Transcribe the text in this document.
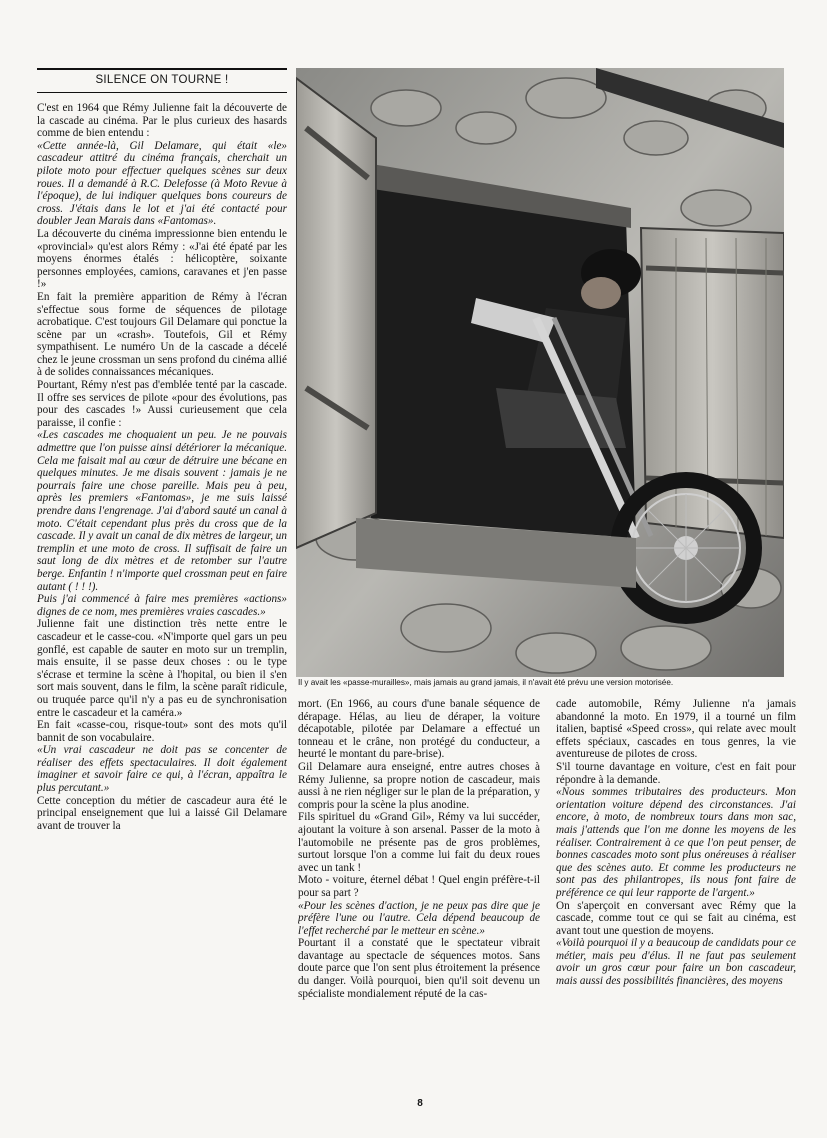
SILENCE ON TOURNE !

C'est en 1964 que Rémy Julienne fait la découverte de la cascade au cinéma. Par le plus curieux des hasards comme de bien entendu :

«Cette année-là, Gil Delamare, qui était «le» cascadeur attitré du cinéma français, cherchait un pilote moto pour effectuer quelques scènes sur deux roues. Il a demandé à R.C. Delefosse (à Moto Revue à l'époque), de lui indiquer quelques bons coureurs de cross. J'étais dans le lot et j'ai été contacté pour doubler Jean Marais dans «Fantomas».

La découverte du cinéma impressionne bien entendu le «provincial» qu'est alors Rémy : «J'ai été épaté par les moyens énormes étalés : hélicoptère, soixante personnes employées, camions, caravanes et j'en passe !»

En fait la première apparition de Rémy à l'écran s'effectue sous forme de séquences de pilotage acrobatique. C'est toujours Gil Delamare qui ponctue la scène par un «crash». Toutefois, Gil et Rémy sympathisent. Le numéro Un de la cascade a décelé chez le jeune crossman un sens profond du cinéma allié à de solides connaissances mécaniques.

Pourtant, Rémy n'est pas d'emblée tenté par la cascade. Il offre ses services de pilote «pour des évolutions, pas pour des cascades !» Aussi curieusement que cela paraisse, il confie :

«Les cascades me choquaient un peu. Je ne pouvais admettre que l'on puisse ainsi détériorer la mécanique. Cela me faisait mal au cœur de détruire une bécane en quelques minutes. Je me disais souvent : jamais je ne pourrais faire une chose pareille. Mais peu à peu, après les premiers «Fantomas», je me suis laissé prendre dans l'engrenage. J'ai d'abord sauté un canal à moto. C'était cependant plus près du cross que de la cascade. Il y avait un canal de dix mètres de largeur, un tremplin et une moto de cross. Il suffisait de faire un saut long de dix mètres et de retomber sur l'autre berge. Enfantin ! n'importe quel crossman peut en faire autant ( ! ! !).

Puis j'ai commencé à faire mes premières «actions» dignes de ce nom, mes premières vraies cascades.»

Julienne fait une distinction très nette entre le cascadeur et le casse-cou. «N'importe quel gars un peu gonflé, est capable de sauter en moto sur un tremplin, mais ensuite, il se passe deux choses : ou le type s'écrase et termine la scène à l'hopital, ou bien il s'en sort mais souvent, dans le film, la scène paraît ridicule, ou truquée parce qu'il n'y a pas eu de synchronisation entre le cascadeur et la caméra.»

En fait «casse-cou, risque-tout» sont des mots qu'il bannit de son vocabulaire.

«Un vrai cascadeur ne doit pas se concenter de réaliser des effets spectaculaires. Il doit également imaginer et savoir faire ce qui, à l'écran, appaîtra le plus percutant.»

Cette conception du métier de cascadeur aura été le principal enseignement que lui a laissé Gil Delamare avant de trouver la

Il y avait les «passe-murailles», mais jamais au grand jamais, il n'avait été prévu une version motorisée.

mort. (En 1966, au cours d'une banale séquence de dérapage. Hélas, au lieu de déraper, la voiture décapotable, pilotée par Delamare a effectué un tonneau et le crâne, non protégé du conducteur, a heurté le montant du pare-brise).

Gil Delamare aura enseigné, entre autres choses à Rémy Julienne, sa propre notion de cascadeur, mais aussi à ne rien négliger sur le plan de la préparation, y compris pour la scène la plus anodine.

Fils spirituel du «Grand Gil», Rémy va lui succéder, ajoutant la voiture à son arsenal. Passer de la moto à l'automobile ne présente pas de gros problèmes, surtout lorsque l'on a comme lui fait du deux roues avec un tank !

Moto - voiture, éternel débat ! Quel engin préfère-t-il pour sa part ?

«Pour les scènes d'action, je ne peux pas dire que je préfère l'une ou l'autre. Cela dépend beaucoup de l'effet recherché par le metteur en scène.»

Pourtant il a constaté que le spectateur vibrait davantage au spectacle de séquences motos. Sans doute parce que l'on sent plus étroitement la présence du danger. Voilà pourquoi, bien qu'il soit devenu un spécialiste mondialement réputé de la cas-

cade automobile, Rémy Julienne n'a jamais abandonné la moto. En 1979, il a tourné un film italien, baptisé «Speed cross», qui relate avec moult effets spéciaux, cascades en tous genres, la vie aventureuse de pilotes de cross.

S'il tourne davantage en voiture, c'est en fait pour répondre à la demande.

«Nous sommes tributaires des producteurs. Mon orientation voiture dépend des circonstances. J'ai encore, à moto, de nombreux tours dans mon sac, mais j'attends que l'on me donne les moyens de les réaliser. Contrairement à ce que l'on peut penser, de bonnes cascades moto sont plus onéreuses à réaliser que des scènes auto. Et comme les producteurs ne sont pas des philantropes, ils nous font faire de préférence ce qui leur rapporte de l'argent.»

On s'aperçoit en conversant avec Rémy que la cascade, comme tout ce qui se fait au cinéma, est avant tout une question de moyens.

«Voilà pourquoi il y a beaucoup de candidats pour ce métier, mais peu d'élus. Il ne faut pas seulement avoir un gros cœur pour faire un bon cascadeur, mais aussi des possibilités financières, des moyens

8
